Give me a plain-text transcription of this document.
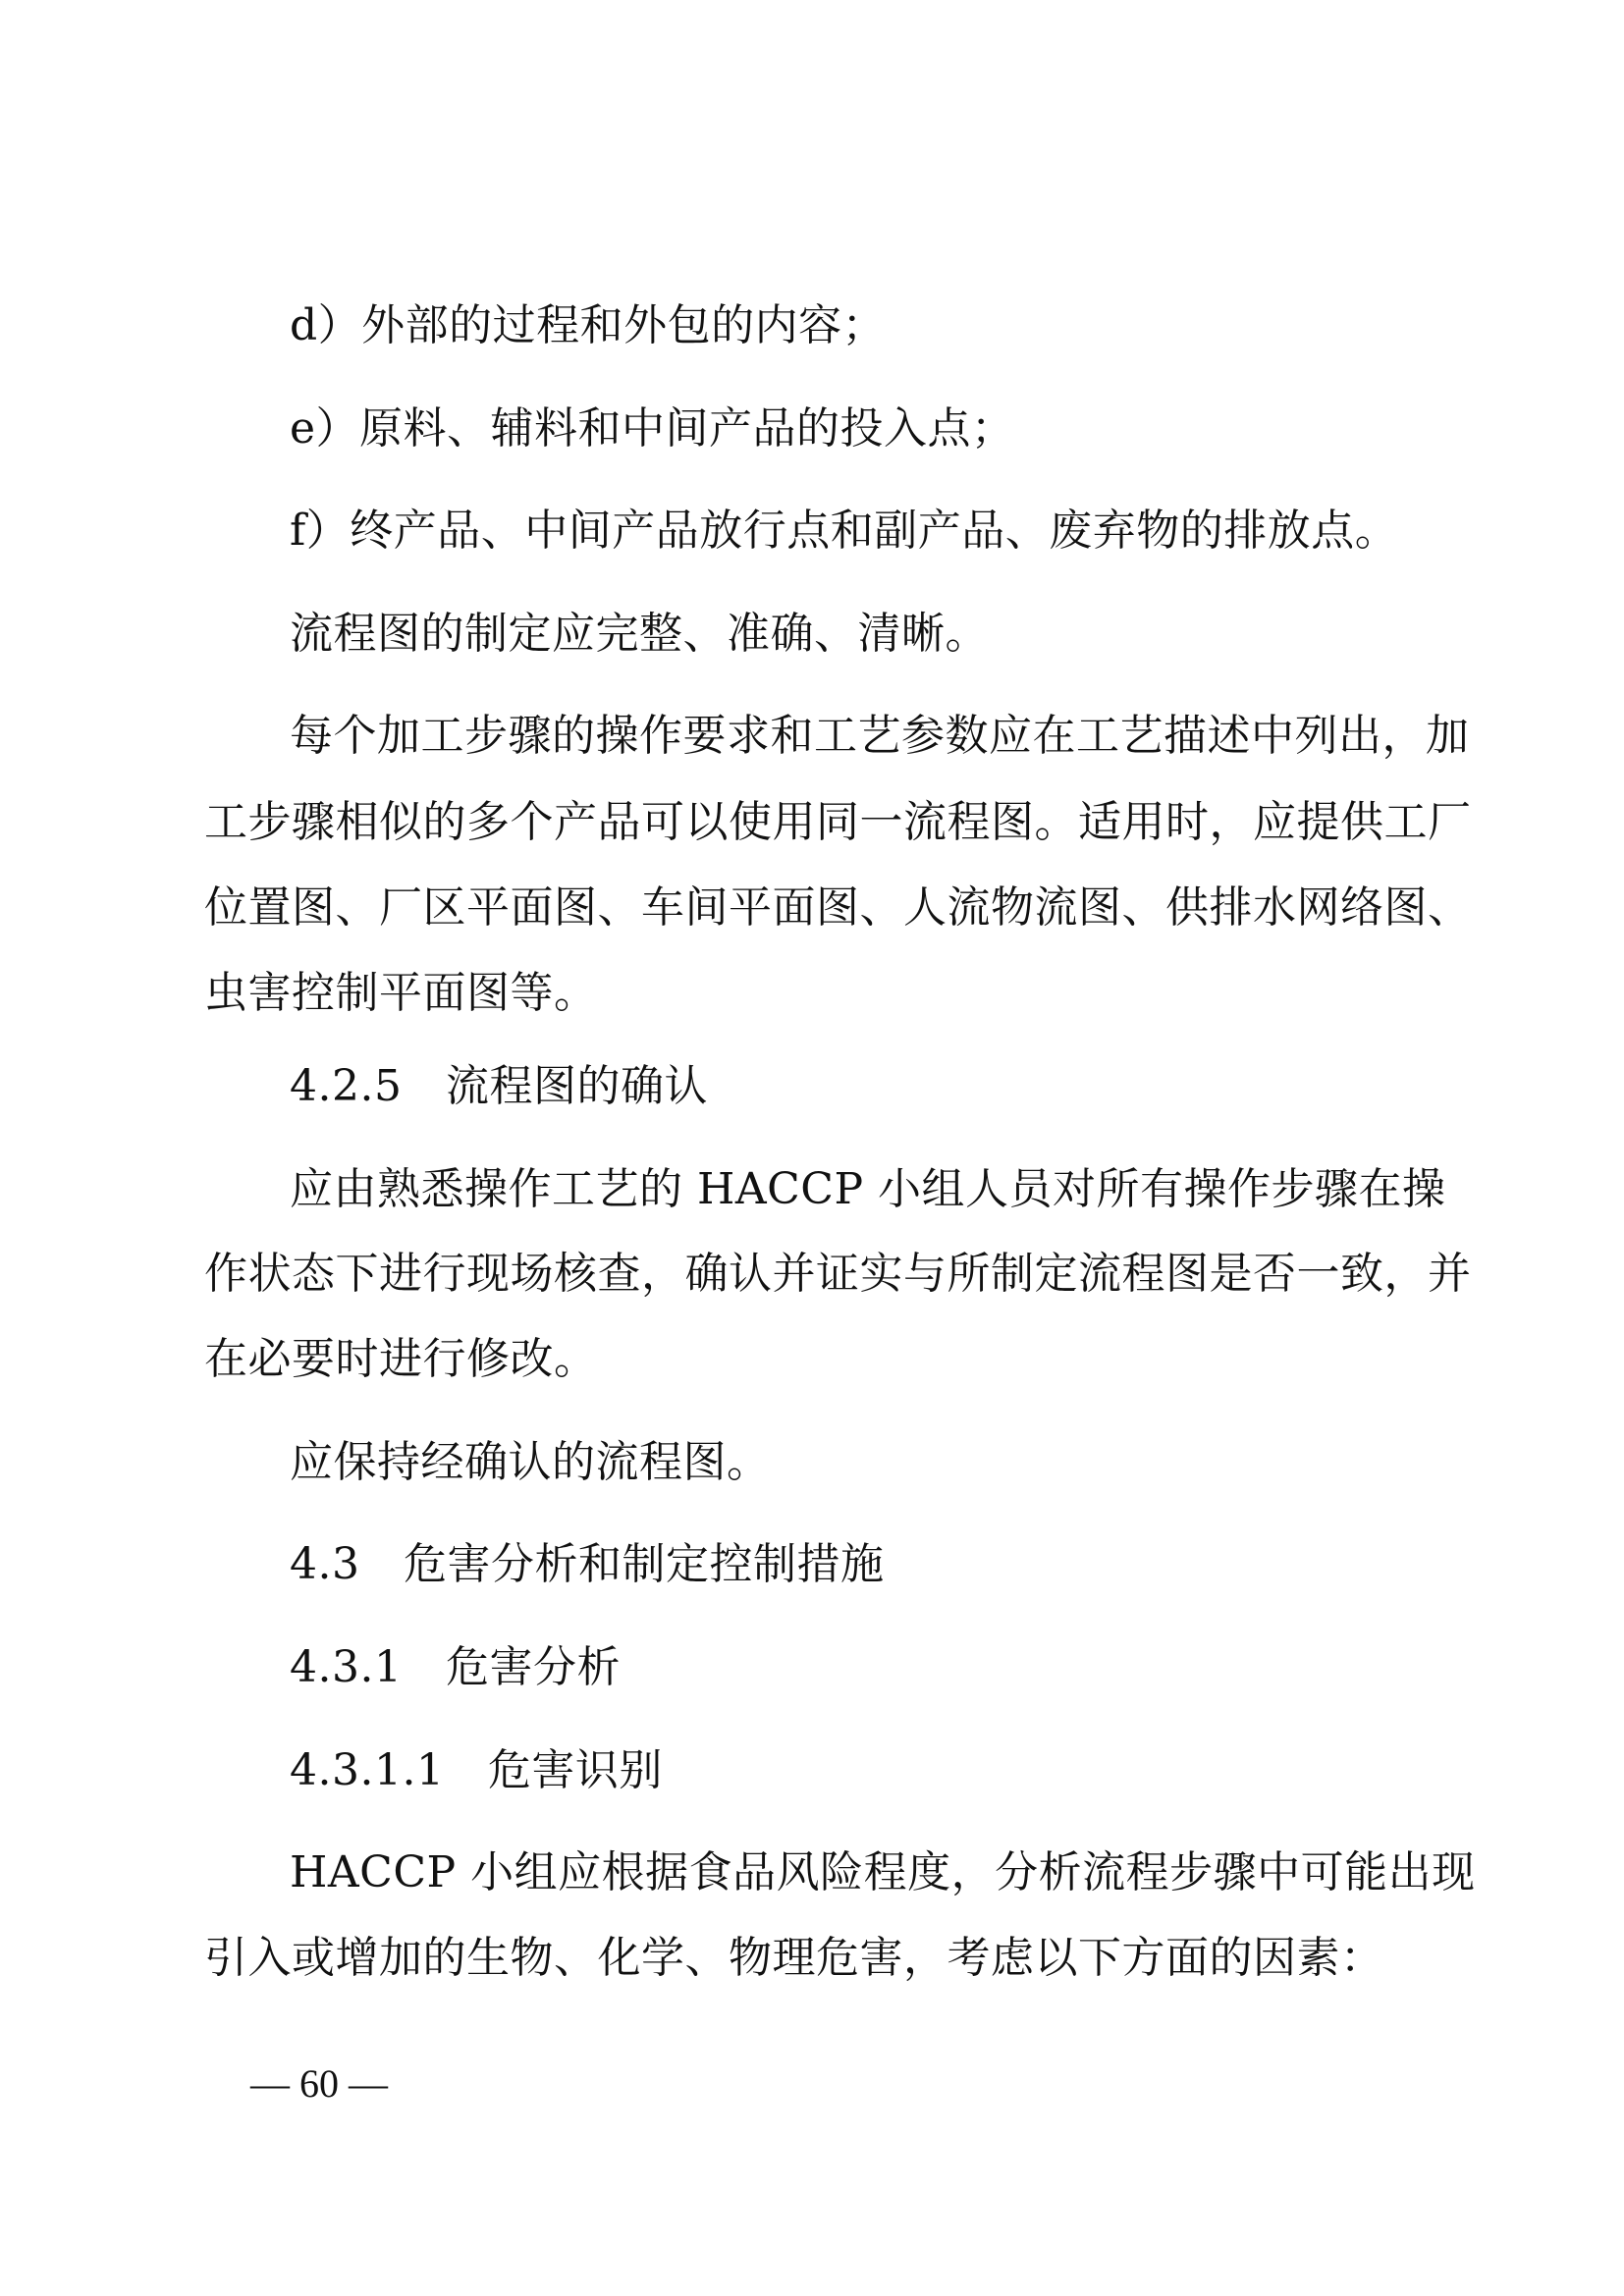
d）外部的过程和外包的内容；
e）原料、辅料和中间产品的投入点；
f）终产品、中间产品放行点和副产品、废弃物的排放点。
流程图的制定应完整、准确、清晰。
每个加工步骤的操作要求和工艺参数应在工艺描述中列出，加
工步骤相似的多个产品可以使用同一流程图。适用时，应提供工厂
位置图、厂区平面图、车间平面图、人流物流图、供排水网络图、
虫害控制平面图等。
4.2.5　流程图的确认
应由熟悉操作工艺的 HACCP 小组人员对所有操作步骤在操
作状态下进行现场核查，确认并证实与所制定流程图是否一致，并
在必要时进行修改。
应保持经确认的流程图。
4.3　危害分析和制定控制措施
4.3.1　危害分析
4.3.1.1　危害识别
HACCP 小组应根据食品风险程度，分析流程步骤中可能出现
引入或增加的生物、化学、物理危害，考虑以下方面的因素：
— 60 —
